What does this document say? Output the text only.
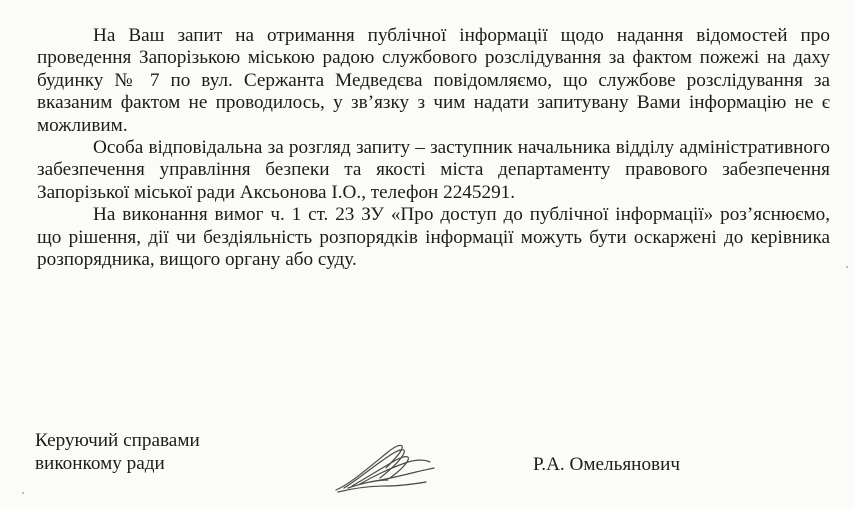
На Ваш запит на отримання публічної інформації щодо надання відомостей про проведення Запорізькою міською радою службового розслідування за фактом пожежі на даху будинку № 7 по вул. Сержанта Медведєва повідомляємо, що службове розслідування за вказаним фактом не проводилось, у зв’язку з чим надати запитувану Вами інформацію не є можливим.

Особа відповідальна за розгляд запиту – заступник начальника відділу адміністративного забезпечення управління безпеки та якості міста департаменту правового забезпечення Запорізької міської ради Аксьонова І.О., телефон 2245291.

На виконання вимог ч. 1 ст. 23 ЗУ «Про доступ до публічної інформації» роз’яснюємо, що рішення, дії чи бездіяльність розпорядків інформації можуть бути оскаржені до керівника розпорядника, вищого органу або суду.

Керуючий справами
виконкому ради	Р.А. Омельянович
